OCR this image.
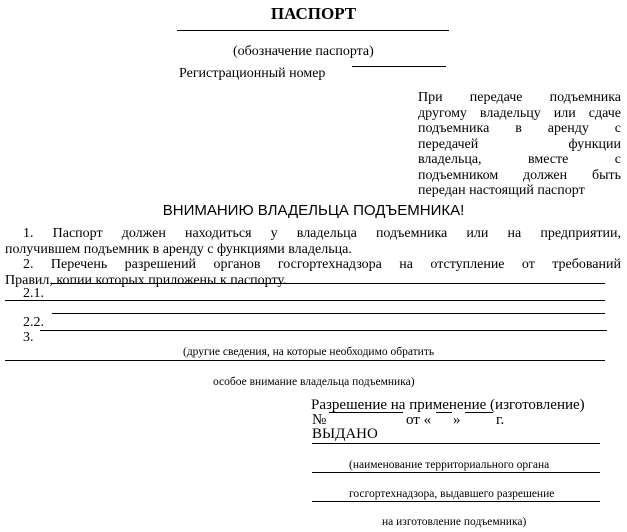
ПАСПОРТ
(обозначение паспорта)
Регистрационный номер
При передаче подъемника
другому владельцу или сдаче
подъемника в аренду с
передачей функции
владельца, вместе с
подъемником должен быть
передан настоящий паспорт
ВНИМАНИЮ ВЛАДЕЛЬЦА ПОДЪЕМНИКА!
1. Паспорт должен находиться у владельца подъемника или на предприятии,
получившем подъемник в аренду с функциями владельца.
2. Перечень разрешений органов госгортехнадзора на отступление от требований
Правил, копии которых приложены к паспорту.
2.1.
2.2.
3.
(другие сведения, на которые необходимо обратить
особое внимание владельца подъемника)
Разрешение на применение (изготовление)
№	от « » г.
ВЫДАНО
(наименование территориального органа
госгортехнадзора, выдавшего разрешение
на изготовление подъемника)
